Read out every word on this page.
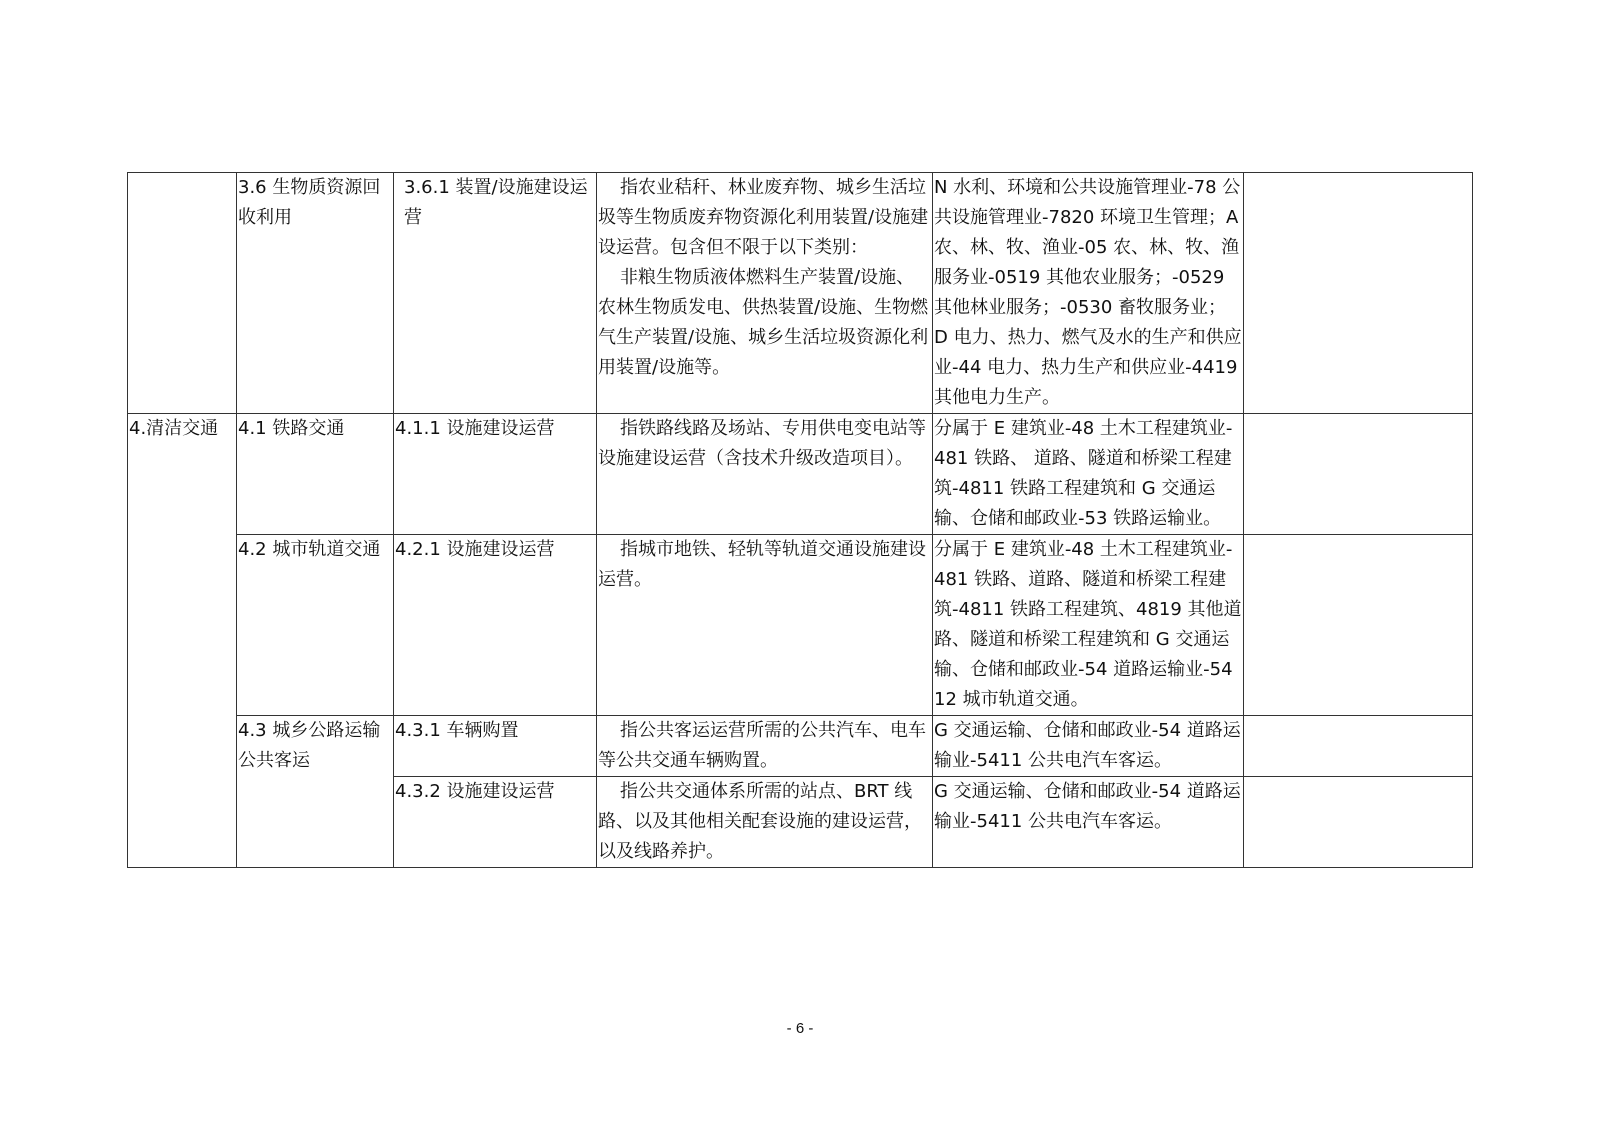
	3.6 生物质资源回收利用	3.6.1 装置/设施建设运营	指农业秸秆、林业废弃物、城乡生活垃圾等生物质废弃物资源化利用装置/设施建设运营。包含但不限于以下类别：

非粮生物质液体燃料生产装置/设施、农林生物质发电、供热装置/设施、生物燃气生产装置/设施、城乡生活垃圾资源化利用装置/设施等。	N 水利、环境和公共设施管理业-78 公共设施管理业-7820 环境卫生管理；A 农、林、牧、渔业-05 农、林、牧、渔服务业-0519 其他农业服务；-0529 其他林业服务；-0530 畜牧服务业； D 电力、热力、燃气及水的生产和供应业-44 电力、热力生产和供应业-4419 其他电力生产。	
4.清洁交通	4.1 铁路交通	4.1.1 设施建设运营	指铁路线路及场站、专用供电变电站等设施建设运营（含技术升级改造项目）。	分属于 E 建筑业-48 土木工程建筑业-481 铁路、 道路、隧道和桥梁工程建筑-4811 铁路工程建筑和 G 交通运输、仓储和邮政业-53 铁路运输业。	
	4.2 城市轨道交通	4.2.1 设施建设运营	指城市地铁、轻轨等轨道交通设施建设运营。	分属于 E 建筑业-48 土木工程建筑业-481 铁路、道路、隧道和桥梁工程建筑-4811 铁路工程建筑、4819 其他道路、隧道和桥梁工程建筑和 G 交通运输、仓储和邮政业-54 道路运输业-5412 城市轨道交通。	
	4.3 城乡公路运输公共客运	4.3.1 车辆购置	指公共客运运营所需的公共汽车、电车等公共交通车辆购置。	G 交通运输、仓储和邮政业-54 道路运输业-5411 公共电汽车客运。	
		4.3.2 设施建设运营	指公共交通体系所需的站点、BRT 线路、以及其他相关配套设施的建设运营，以及线路养护。	G 交通运输、仓储和邮政业-54 道路运输业-5411 公共电汽车客运。	
- 6 -
